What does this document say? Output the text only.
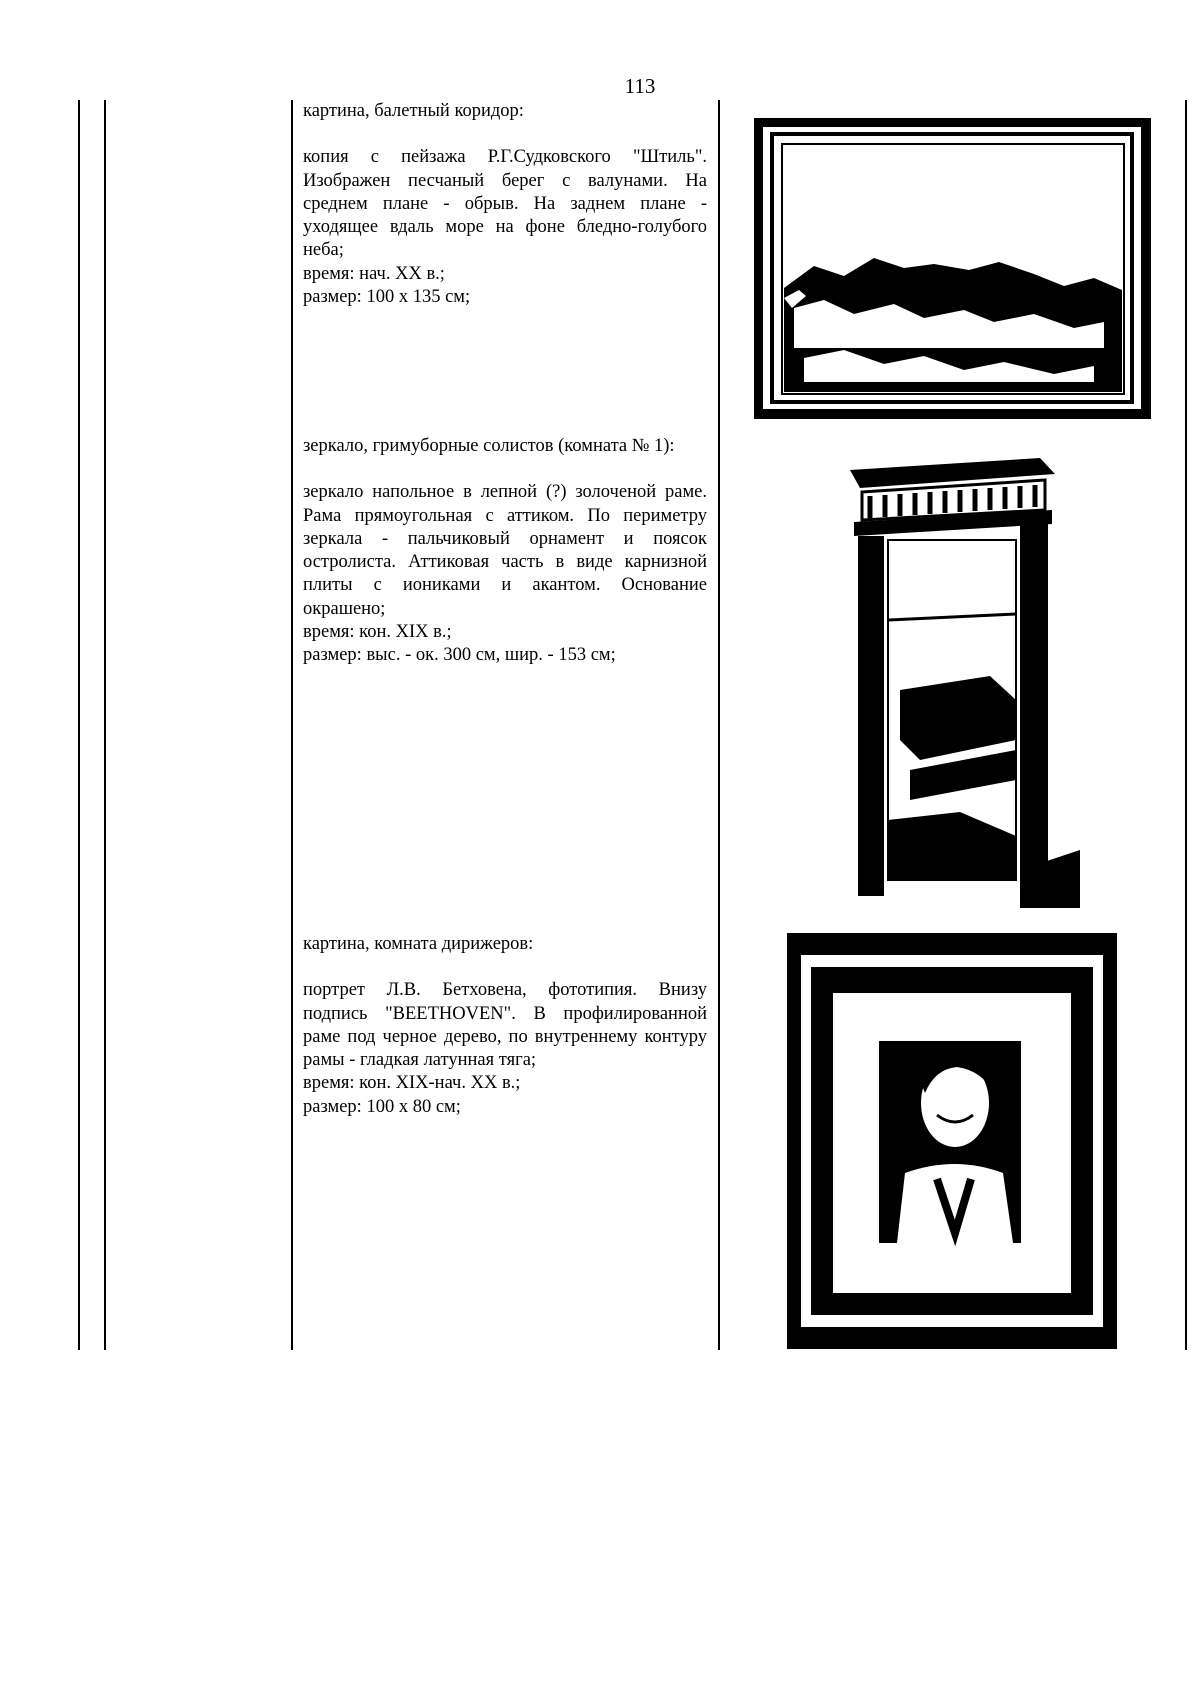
113

картина, балетный коридор:

копия с пейзажа Р.Г.Судковского "Штиль". Изображен песчаный берег с валунами. На среднем плане - обрыв. На заднем плане - уходящее вдаль море на фоне бледно-голубого неба;

время: нач. XX в.;

размер: 100 х 135 см;

зеркало, гримуборные солистов (комната № 1):

зеркало напольное в лепной (?) золоченой раме. Рама прямоугольная с аттиком. По периметру зеркала - пальчиковый орнамент и поясок остролиста. Аттиковая часть в виде карнизной плиты с иониками и акантом. Основание окрашено;

время: кон. XIX в.;

размер: выс. - ок. 300 см, шир. - 153 см;

картина, комната дирижеров:

портрет Л.В. Бетховена, фототипия. Внизу подпись "BEETHOVEN". В профилированной раме под черное дерево, по внутреннему контуру рамы - гладкая латунная тяга;

время: кон. XIX-нач. XX в.;

размер: 100 х 80 см;
